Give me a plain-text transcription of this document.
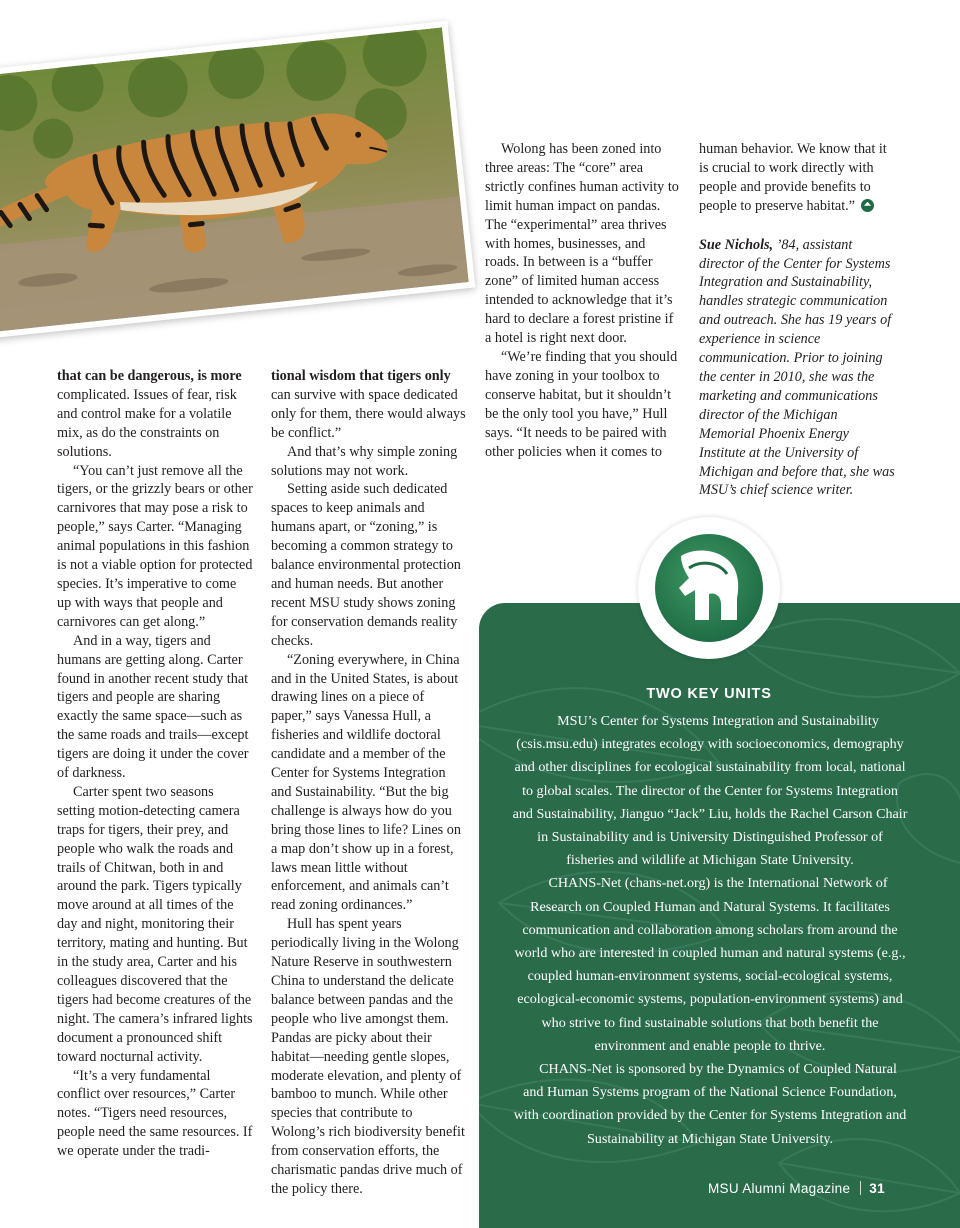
that can be dangerous, is more complicated. Issues of fear, risk and control make for a volatile mix, as do the constraints on solutions.

“You can’t just remove all the tigers, or the grizzly bears or other carnivores that may pose a risk to people,” says Carter. “Managing animal populations in this fashion is not a viable option for protected species. It’s imperative to come up with ways that people and carnivores can get along.”

And in a way, tigers and humans are getting along. Carter found in another recent study that tigers and people are sharing exactly the same space—such as the same roads and trails—except tigers are doing it under the cover of darkness.

Carter spent two seasons setting motion-detecting camera traps for tigers, their prey, and people who walk the roads and trails of Chitwan, both in and around the park. Tigers typically move around at all times of the day and night, monitoring their territory, mating and hunting. But in the study area, Carter and his colleagues discovered that the tigers had become creatures of the night. The camera’s infrared lights document a pronounced shift toward nocturnal activity.

“It’s a very fundamental conflict over resources,” Carter notes. “Tigers need resources, people need the same resources. If we operate under the tradi-

tional wisdom that tigers only can survive with space dedicated only for them, there would always be conflict.”

And that’s why simple zoning solutions may not work.

Setting aside such dedicated spaces to keep animals and humans apart, or “zoning,” is becoming a common strategy to balance environmental protection and human needs. But another recent MSU study shows zoning for conservation demands reality checks.

“Zoning everywhere, in China and in the United States, is about drawing lines on a piece of paper,” says Vanessa Hull, a fisheries and wildlife doctoral candidate and a member of the Center for Systems Integration and Sustainability. “But the big challenge is always how do you bring those lines to life? Lines on a map don’t show up in a forest, laws mean little without enforcement, and animals can’t read zoning ordinances.”

Hull has spent years periodically living in the Wolong Nature Reserve in southwestern China to understand the delicate balance between pandas and the people who live amongst them. Pandas are picky about their habitat—needing gentle slopes, moderate elevation, and plenty of bamboo to munch. While other species that contribute to Wolong’s rich biodiversity benefit from conservation efforts, the charismatic pandas drive much of the policy there.

Wolong has been zoned into three areas: The “core” area strictly confines human activity to limit human impact on pandas. The “experimental” area thrives with homes, businesses, and roads. In between is a “buffer zone” of limited human access intended to acknowledge that it’s hard to declare a forest pristine if a hotel is right next door.

“We’re finding that you should have zoning in your toolbox to conserve habitat, but it shouldn’t be the only tool you have,” Hull says. “It needs to be paired with other policies when it comes to

human behavior. We know that it is crucial to work directly with people and provide benefits to people to preserve habitat.”

Sue Nichols, ’84, assistant director of the Center for Systems Integration and Sustainability, handles strategic communication and outreach. She has 19 years of experience in science communication. Prior to joining the center in 2010, she was the marketing and communications director of the Michigan Memorial Phoenix Energy Institute at the University of Michigan and before that, she was MSU’s chief science writer.

TWO KEY UNITS

MSU’s Center for Systems Integration and Sustainability (csis.msu.edu) integrates ecology with socioeconomics, demography and other disciplines for ecological sustainability from local, national to global scales. The director of the Center for Systems Integration and Sustainability, Jianguo “Jack” Liu, holds the Rachel Carson Chair in Sustainability and is University Distinguished Professor of fisheries and wildlife at Michigan State University.

CHANS-Net (chans-net.org) is the International Network of Research on Coupled Human and Natural Systems. It facilitates communication and collaboration among scholars from around the world who are interested in coupled human and natural systems (e.g., coupled human-environment systems, social-ecological systems, ecological-economic systems, population-environment systems) and who strive to find sustainable solutions that both benefit the environment and enable people to thrive.

CHANS-Net is sponsored by the Dynamics of Coupled Natural and Human Systems program of the National Science Foundation, with coordination provided by the Center for Systems Integration and Sustainability at Michigan State University.

MSU Alumni Magazine 31
